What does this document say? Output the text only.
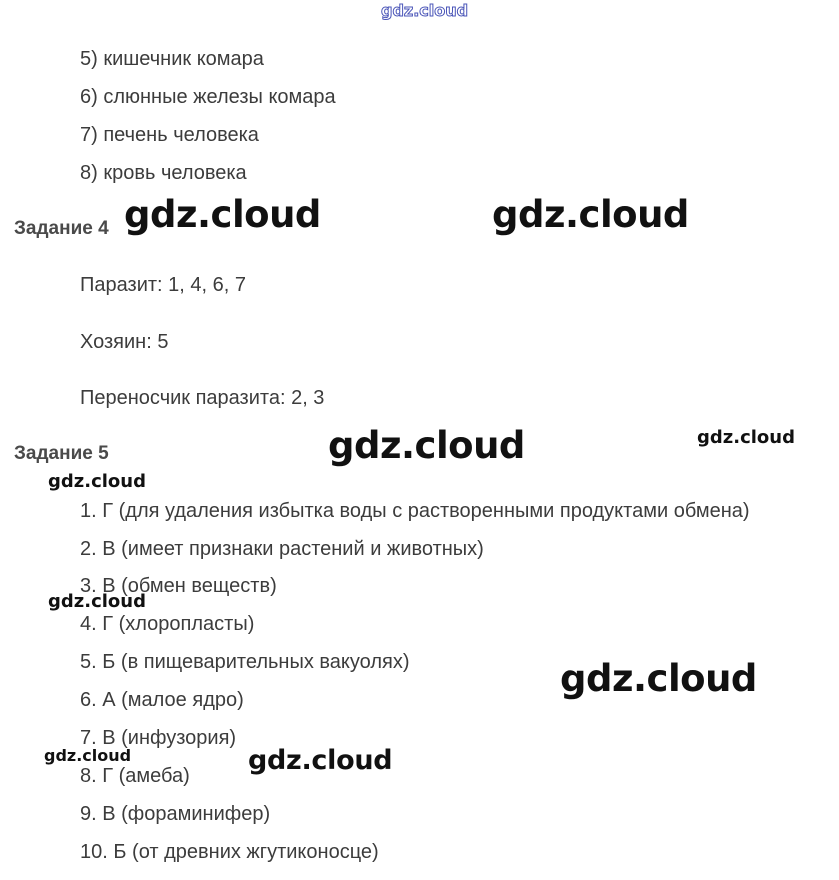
gdz.cloud
5) кишечник комара
6) слюнные железы комара
7) печень человека
8) кровь человека
Задание 4 gdz.cloud	gdz.cloud
Паразит: 1, 4, 6, 7
Хозяин: 5
Переносчик паразита: 2, 3
Задание 5	gdz.cloud	gdz.cloud
gdz.cloud
1. Г (для удаления избытка воды с растворенными продуктами обмена)
2. В (имеет признаки растений и животных)
3. В (обмен веществ)
4. Г (хлоропласты)
5. Б (в пищеварительных вакуолях)
6. А (малое ядро)
7. В (инфузория)
8. Г (амеба)
9. В (фораминифер)
10. Б (от древних жгутиконосце)
gdz.cloud
gdz.cloud
gdz.cloud	gdz.cloud
